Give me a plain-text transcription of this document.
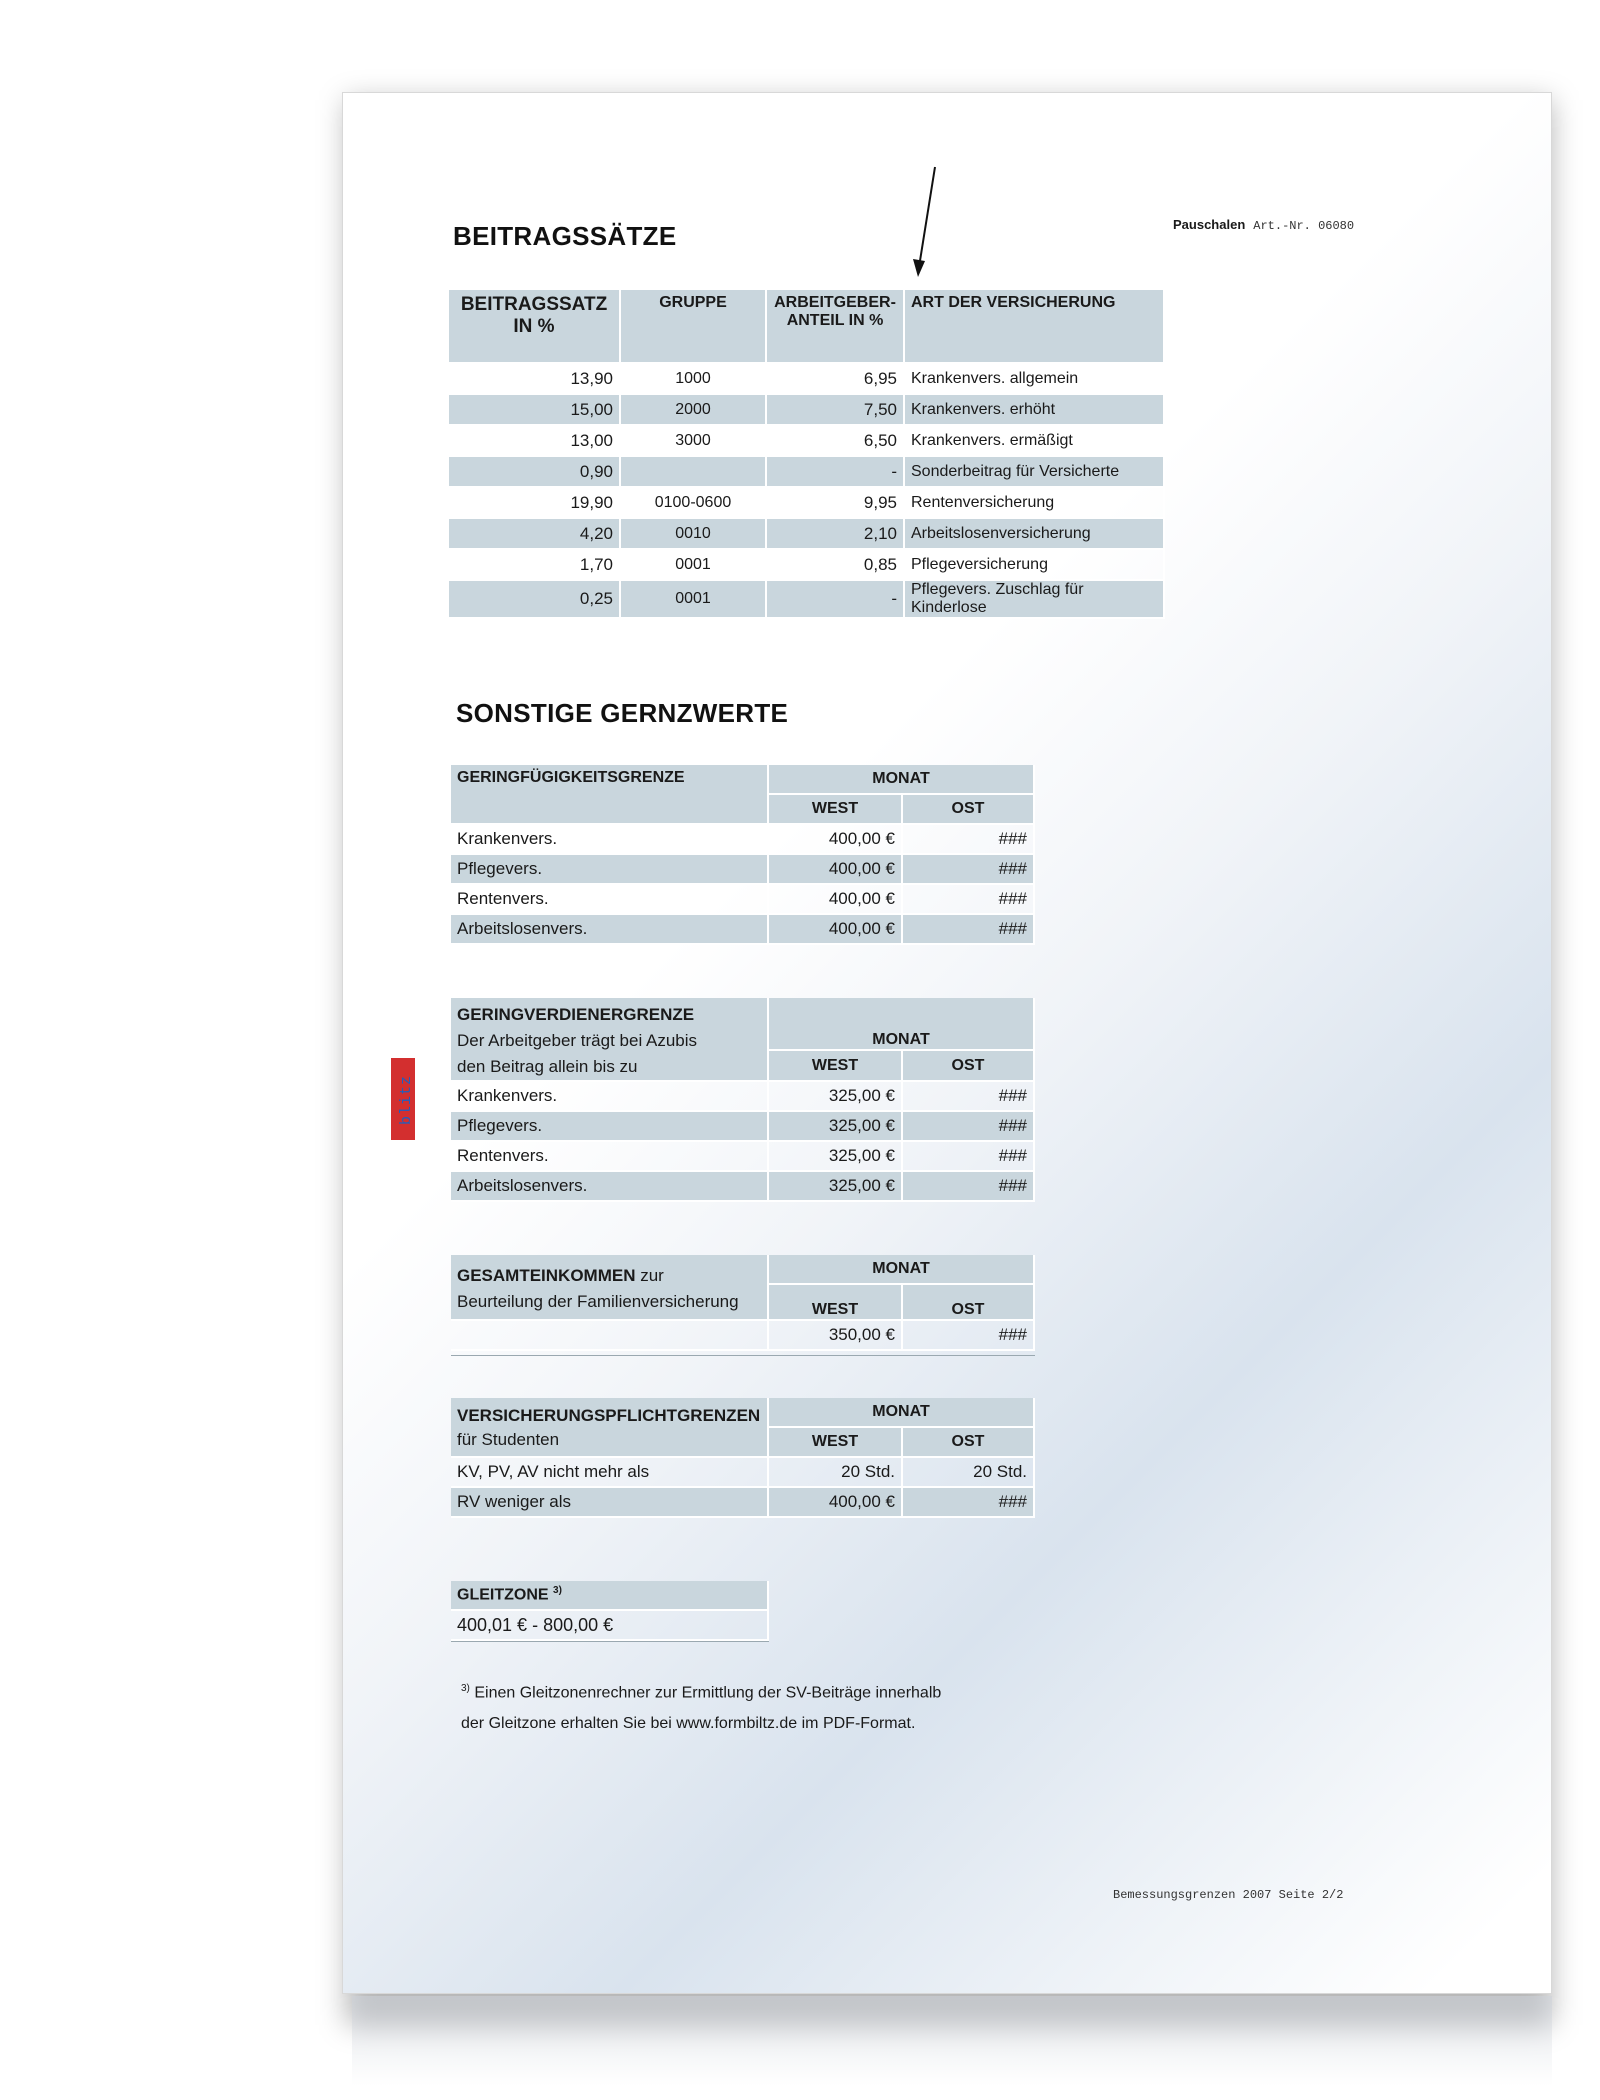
Pauschalen Art.-Nr. 06080
BEITRAGSSÄTZE
BEITRAGSSATZ IN %	GRUPPE	ARBEITGEBER-ANTEIL IN %	ART DER VERSICHERUNG
13,90	1000	6,95	Krankenvers. allgemein
15,00	2000	7,50	Krankenvers. erhöht
13,00	3000	6,50	Krankenvers. ermäßigt
0,90		-	Sonderbeitrag für Versicherte
19,90	0100-0600	9,95	Rentenversicherung
4,20	0010	2,10	Arbeitslosenversicherung
1,70	0001	0,85	Pflegeversicherung
0,25	0001	-	Pflegevers. Zuschlag für Kinderlose
SONSTIGE GERNZWERTE
GERINGFÜGIGKEITSGRENZE	MONAT	
	WEST	OST
Krankenvers.	400,00 €	###
Pflegevers.	400,00 €	###
Rentenvers.	400,00 €	###
Arbeitslosenvers.	400,00 €	###
GERINGVERDIENERGRENZE
Der Arbeitgeber trägt bei Azubis
den Beitrag allein bis zu	MONAT	
	WEST	OST
Krankenvers.	325,00 €	###
Pflegevers.	325,00 €	###
Rentenvers.	325,00 €	###
Arbeitslosenvers.	325,00 €	###
GESAMTEINKOMMEN zur
Beurteilung der Familienversicherung	MONAT	
	WEST	OST
	350,00 €	###
VERSICHERUNGSPFLICHTGRENZEN
für Studenten	MONAT	
	WEST	OST
KV, PV, AV nicht mehr als	20 Std.	20 Std.
RV weniger als	400,00 €	###
GLEITZONE $^{3)}$
400,01 € - 800,00 €
$^{3)}$ Einen Gleitzonenrechner zur Ermittlung der SV-Beiträge innerhalb
der Gleitzone erhalten Sie bei www.formbiltz.de im PDF-Format.
Bemessungsgrenzen 2007 Seite 2/2
FORMblitz
